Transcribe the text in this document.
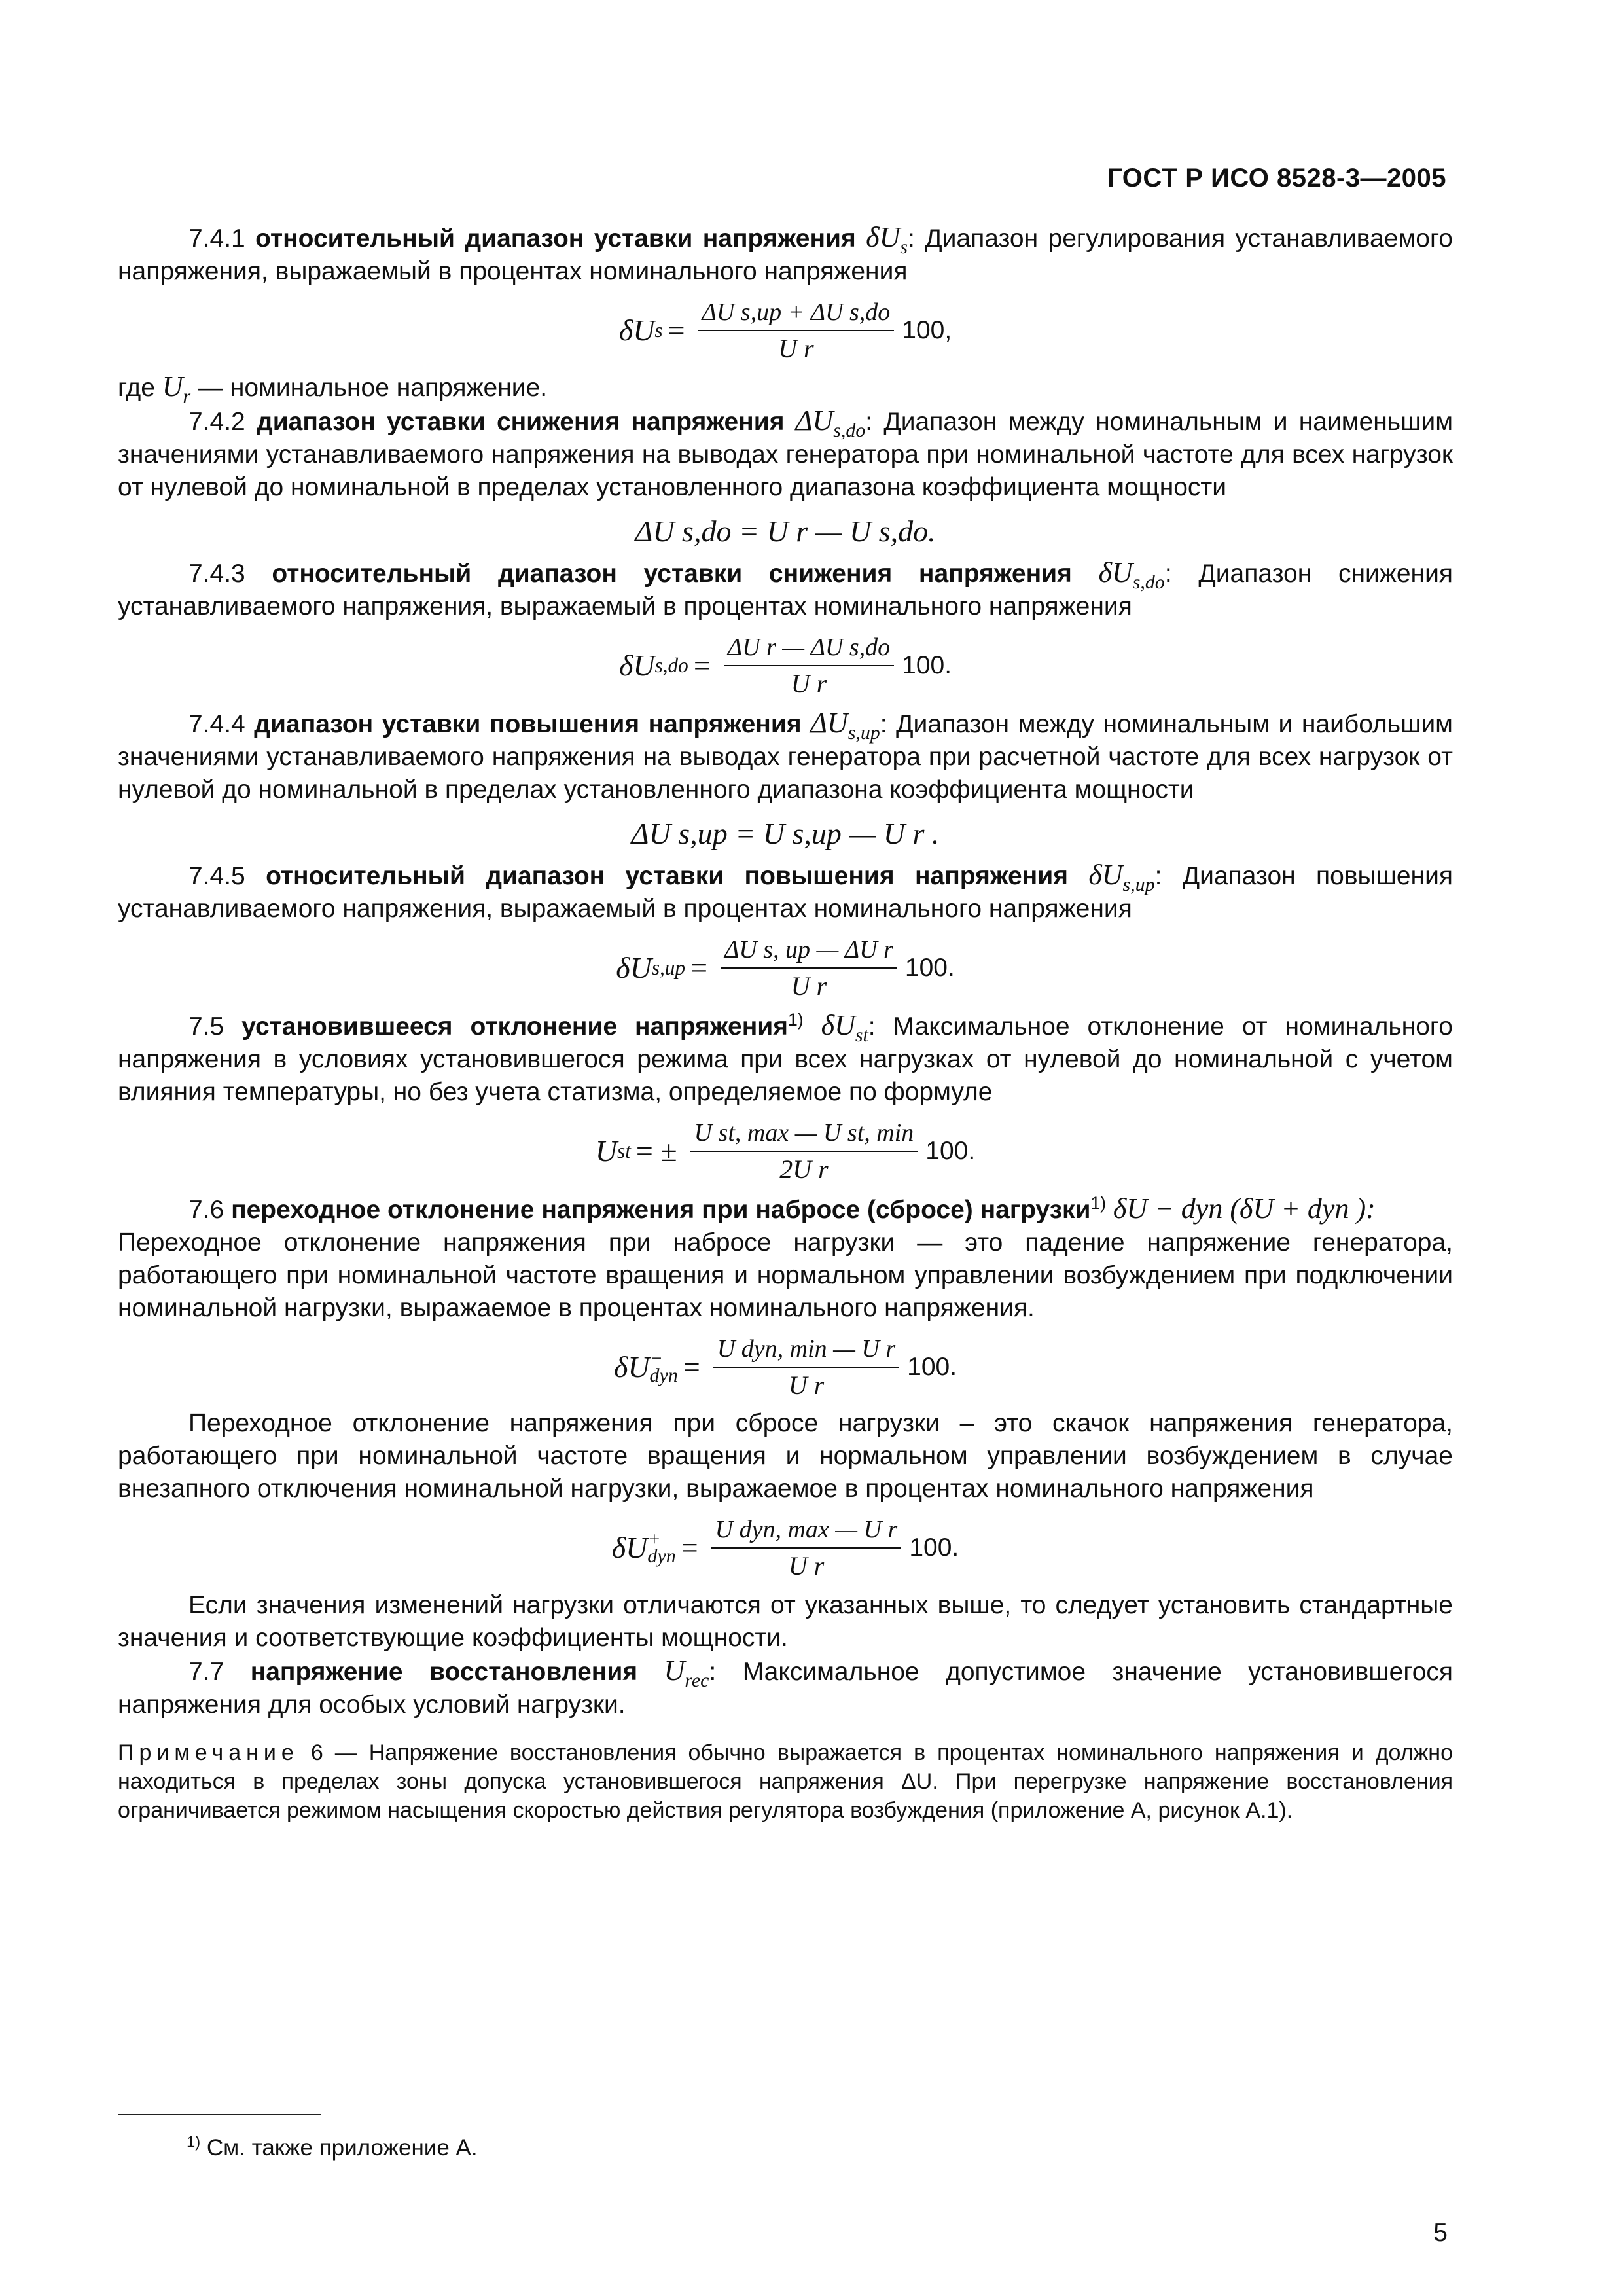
ГОСТ Р ИСО 8528-3—2005

7.4.1 относительный диапазон уставки напряжения $\delta U_s$: Диапазон регулирования устанавливаемого напряжения, выражаемый в процентах номинального напряжения

δU $s = \frac{\text{ΔU s,up + ΔU s,do}}{\text{U r}} 100$,

где $U_r$ — номинальное напряжение.

7.4.2 диапазон уставки снижения напряжения $\Delta U_{s,do}$: Диапазон между номинальным и наименьшим значениями устанавливаемого напряжения на выводах генератора при номинальной частоте для всех нагрузок от нулевой до номинальной в пределах установленного диапазона коэффициента мощности

ΔU s,do = U r — U s,do.

7.4.3 относительный диапазон уставки снижения напряжения $\delta U_{s,do}$: Диапазон снижения устанавливаемого напряжения, выражаемый в процентах номинального напряжения

δU $s,do = \frac{\text{ΔU r — ΔU s,do}}{\text{U r}} 100$.

7.4.4 диапазон уставки повышения напряжения $\Delta U_{s,up}$: Диапазон между номинальным и наибольшим значениями устанавливаемого напряжения на выводах генератора при расчетной частоте для всех нагрузок от нулевой до номинальной в пределах установленного диапазона коэффициента мощности

ΔU s,up = U s,up — U r .

7.4.5 относительный диапазон уставки повышения напряжения $\delta U_{s,up}$: Диапазон повышения устанавливаемого напряжения, выражаемый в процентах номинального напряжения

δU $s,up = \frac{\text{ΔU s, up — ΔU r}}{\text{U r}} 100$.

7.5 установившееся отклонение напряжения$^{1)}$ $\delta U_{st}$: Максимальное отклонение от номинального напряжения в условиях установившегося режима при всех нагрузках от нулевой до номинальной с учетом влияния температуры, но без учета статизма, определяемое по формуле

U st = ± $\frac{\text{U st, max — U st, min}}{\text{2U r}} 100$.

7.6 переходное отклонение напряжения при набросе (сбросе) нагрузки$^{1)}$ δU − dyn (δU + dyn ):

Переходное отклонение напряжения при набросе нагрузки — это падение напряжение генератора, работающего при номинальной частоте вращения и нормальном управлении возбуждением при подключении номинальной нагрузки, выражаемое в процентах номинального напряжения.

δU −
dyn = $\frac{\text{U dyn, min — U r}}{\text{U r}} 100$.

Переходное отклонение напряжения при сбросе нагрузки – это скачок напряжения генератора, работающего при номинальной частоте вращения и нормальном управлении возбуждением в случае внезапного отключения номинальной нагрузки, выражаемое в процентах номинального напряжения

δU +
dyn = $\frac{\text{U dyn, max — U r}}{\text{U r}} 100$.

Если значения изменений нагрузки отличаются от указанных выше, то следует установить стандартные значения и соответствующие коэффициенты мощности.

7.7 напряжение восстановления $U_{rec}$: Максимальное допустимое значение установившегося напряжения для особых условий нагрузки.

Примечание 6 — Напряжение восстановления обычно выражается в процентах номинального напряжения и должно находиться в пределах зоны допуска установившегося напряжения ΔU. При перегрузке напряжение восстановления ограничивается режимом насыщения скоростью действия регулятора возбуждения (приложение А, рисунок А.1).

$^{1)}$ См. также приложение А.
5
